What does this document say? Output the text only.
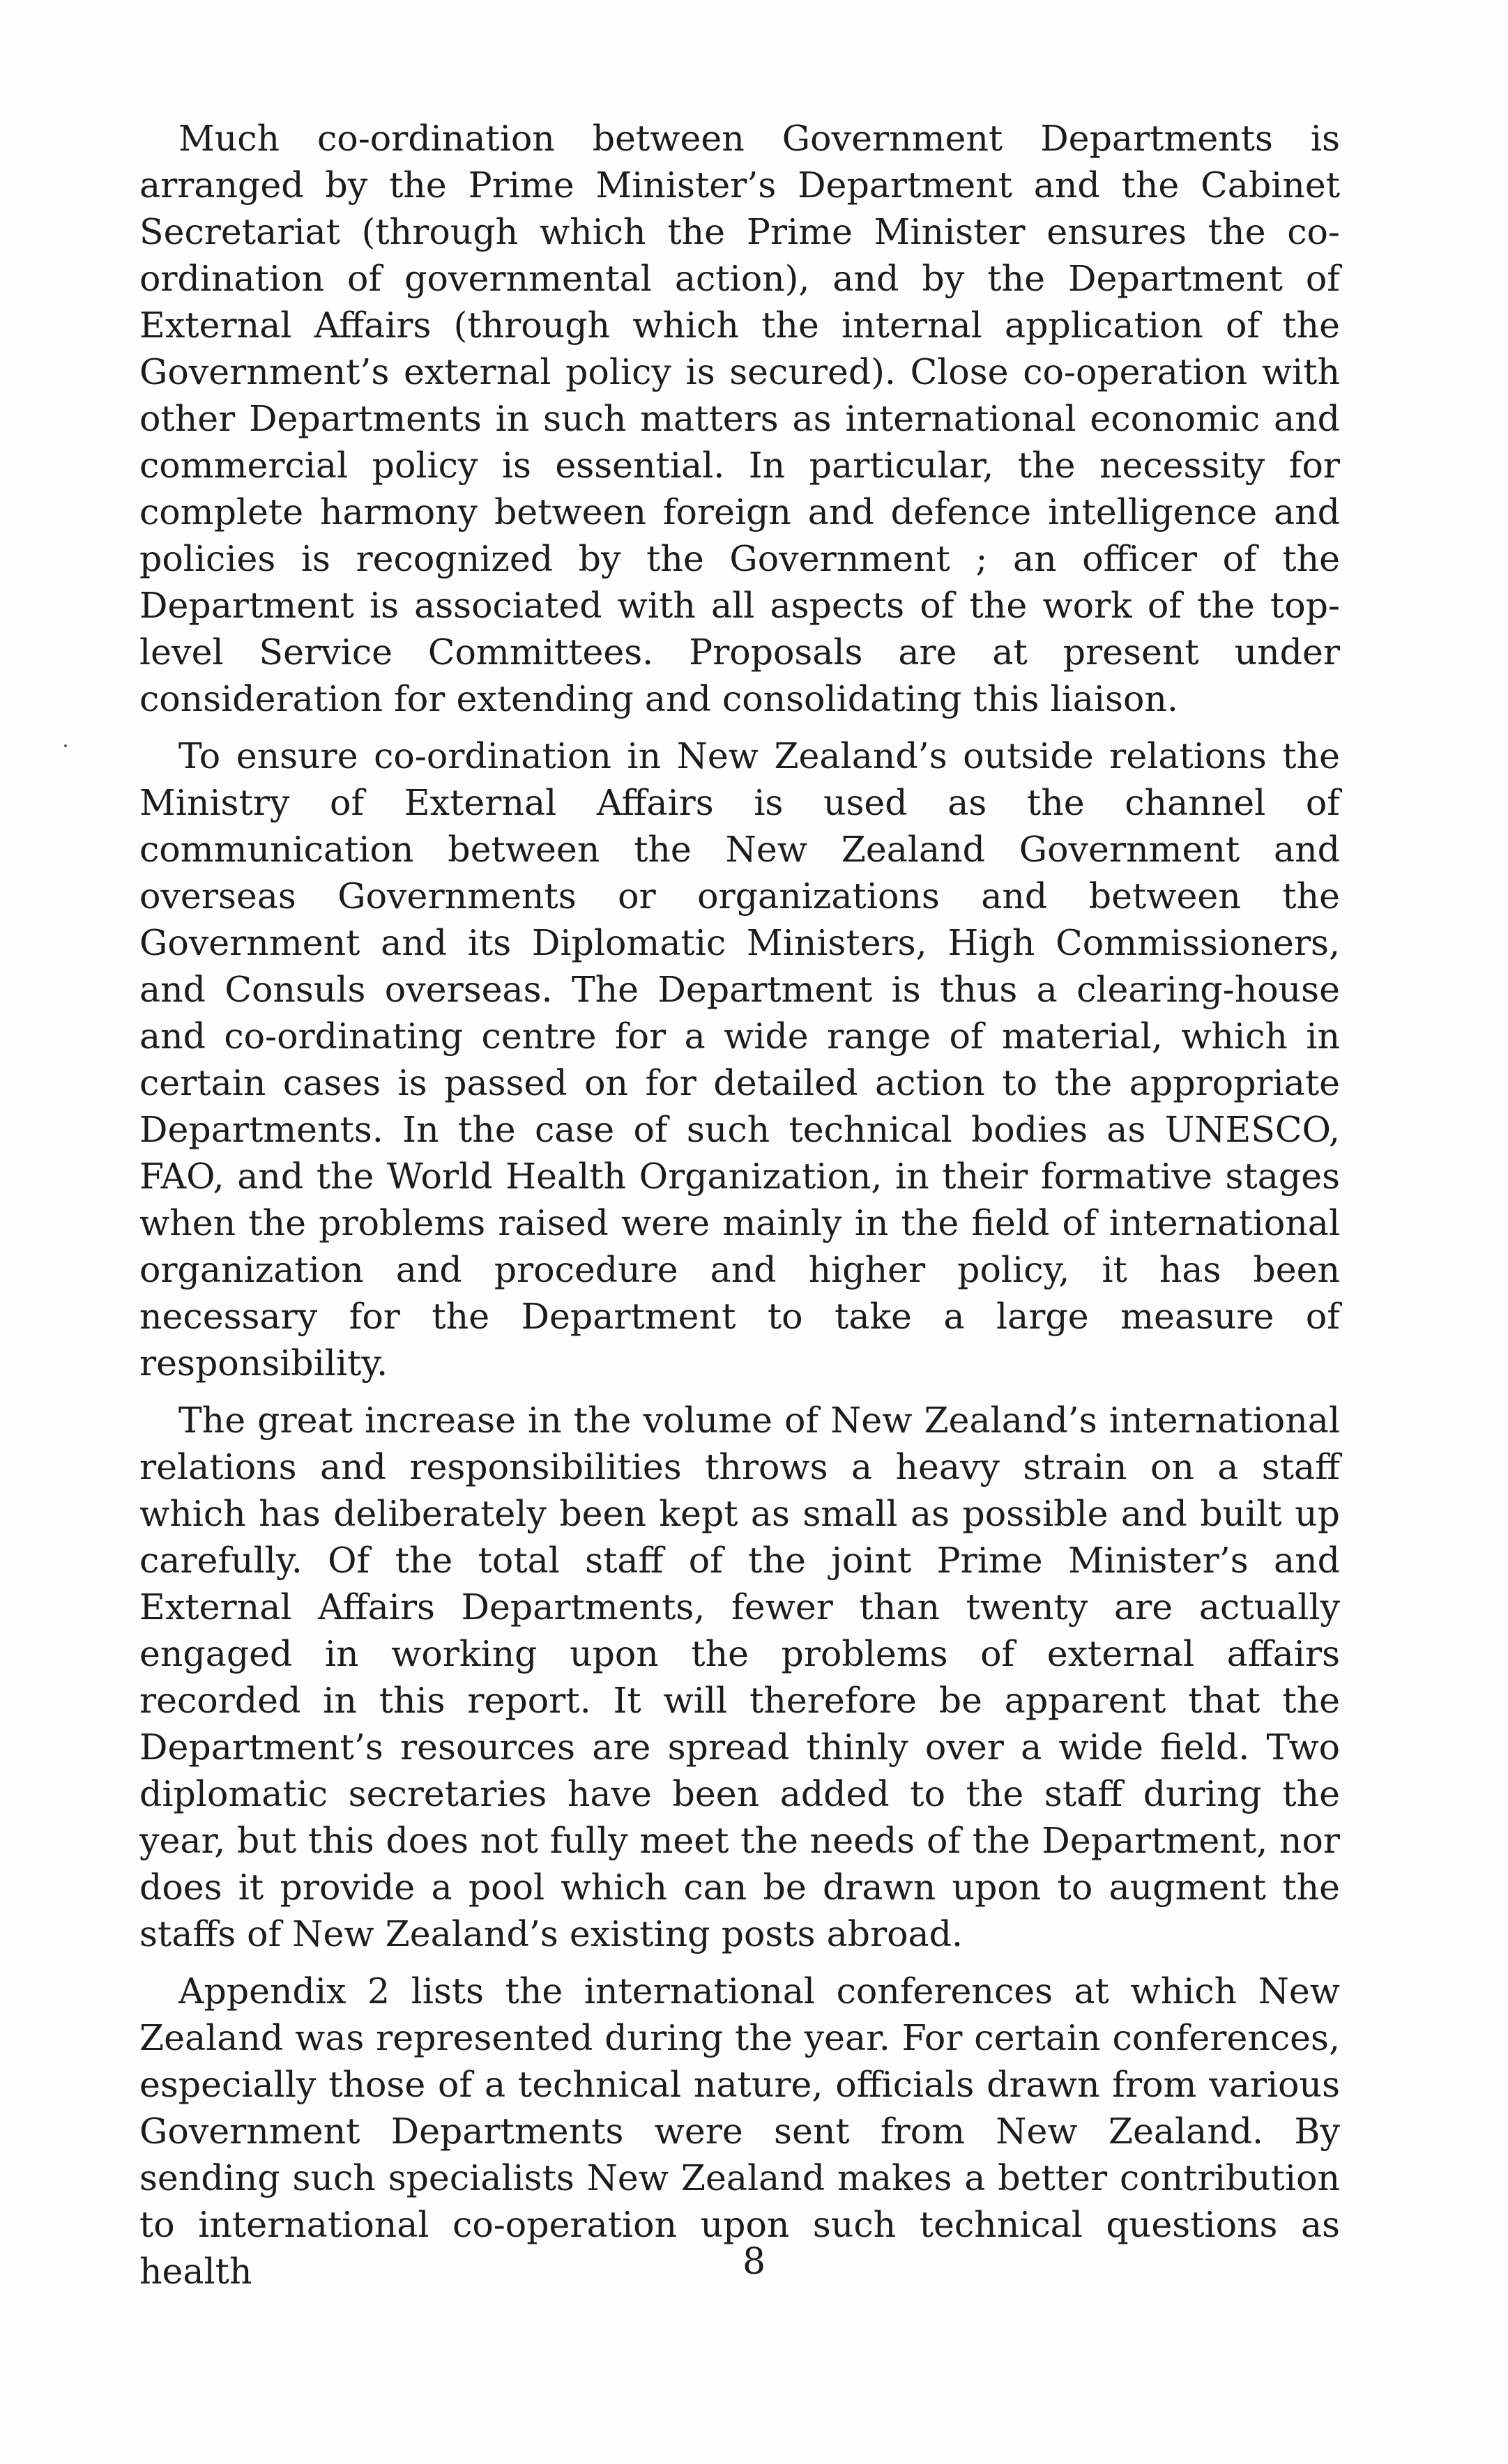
Much co-ordination between Government Departments is arranged by the Prime Minister’s Department and the Cabinet Secretariat (through which the Prime Minister ensures the co-ordination of governmental action), and by the Department of External Affairs (through which the internal application of the Government’s external policy is secured). Close co-operation with other Departments in such matters as international economic and commercial policy is essential. In particular, the necessity for complete harmony between foreign and defence intelligence and policies is recognized by the Government ; an officer of the Department is associated with all aspects of the work of the top-level Service Committees. Proposals are at present under consideration for extending and consolidating this liaison.

To ensure co-ordination in New Zealand’s outside relations the Ministry of External Affairs is used as the channel of communication between the New Zealand Government and overseas Governments or organizations and between the Government and its Diplomatic Ministers, High Commissioners, and Consuls overseas. The Department is thus a clearing-house and co-ordinating centre for a wide range of material, which in certain cases is passed on for detailed action to the appropriate Departments. In the case of such technical bodies as UNESCO, FAO, and the World Health Organization, in their formative stages when the problems raised were mainly in the field of international organization and procedure and higher policy, it has been necessary for the Department to take a large measure of responsibility.

The great increase in the volume of New Zealand’s international relations and responsibilities throws a heavy strain on a staff which has deliberately been kept as small as possible and built up carefully. Of the total staff of the joint Prime Minister’s and External Affairs Departments, fewer than twenty are actually engaged in working upon the problems of external affairs recorded in this report. It will therefore be apparent that the Department’s resources are spread thinly over a wide field. Two diplomatic secretaries have been added to the staff during the year, but this does not fully meet the needs of the Department, nor does it provide a pool which can be drawn upon to augment the staffs of New Zealand’s existing posts abroad.

Appendix 2 lists the international conferences at which New Zealand was represented during the year. For certain conferences, especially those of a technical nature, officials drawn from various Government Departments were sent from New Zealand. By sending such specialists New Zealand makes a better contribution to international co-operation upon such technical questions as health	8
